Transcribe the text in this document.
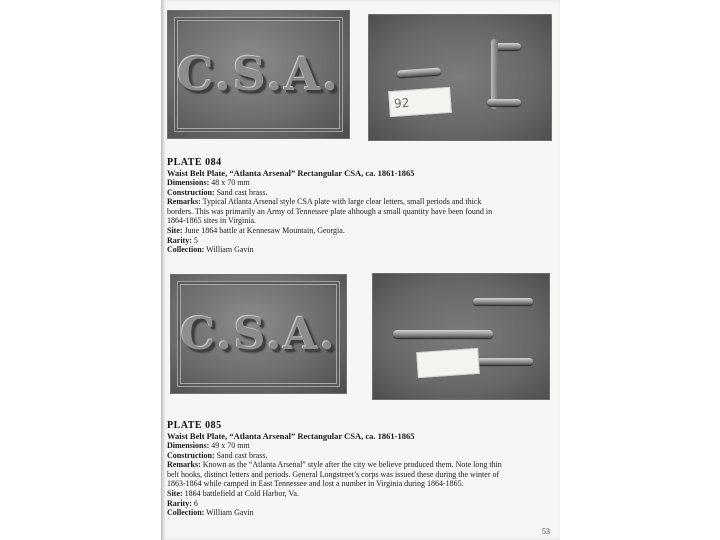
C.S.A.
92
PLATE 084
Waist Belt Plate, “Atlanta Arsenal” Rectangular CSA, ca. 1861-1865
Dimensions: 48 x 70 mm
Construction: Sand cast brass.
Remarks: Typical Atlanta Arsenal style CSA plate with large clear letters, small periods and thick
borders. This was primarily an Army of Tennessee plate although a small quantity have been found in
1864-1865 sites in Virginia.
Site: June 1864 battle at Kennesaw Mountain, Georgia.
Rarity: 5
Collection: William Gavin
C.S.A.
PLATE 085
Waist Belt Plate, “Atlanta Arsenal” Rectangular CSA, ca. 1861-1865
Dimensions: 49 x 70 mm
Construction: Sand cast brass.
Remarks: Known as the “Atlanta Arsenal” style after the city we believe produced them. Note long thin
belt hooks, distinct letters and periods. General Longstreet’s corps was issued these during the winter of
1863-1864 while camped in East Tennessee and lost a number in Virginia during 1864-1865.
Site: 1864 battlefield at Cold Harbor, Va.
Rarity: 6
Collection: William Gavin
53
